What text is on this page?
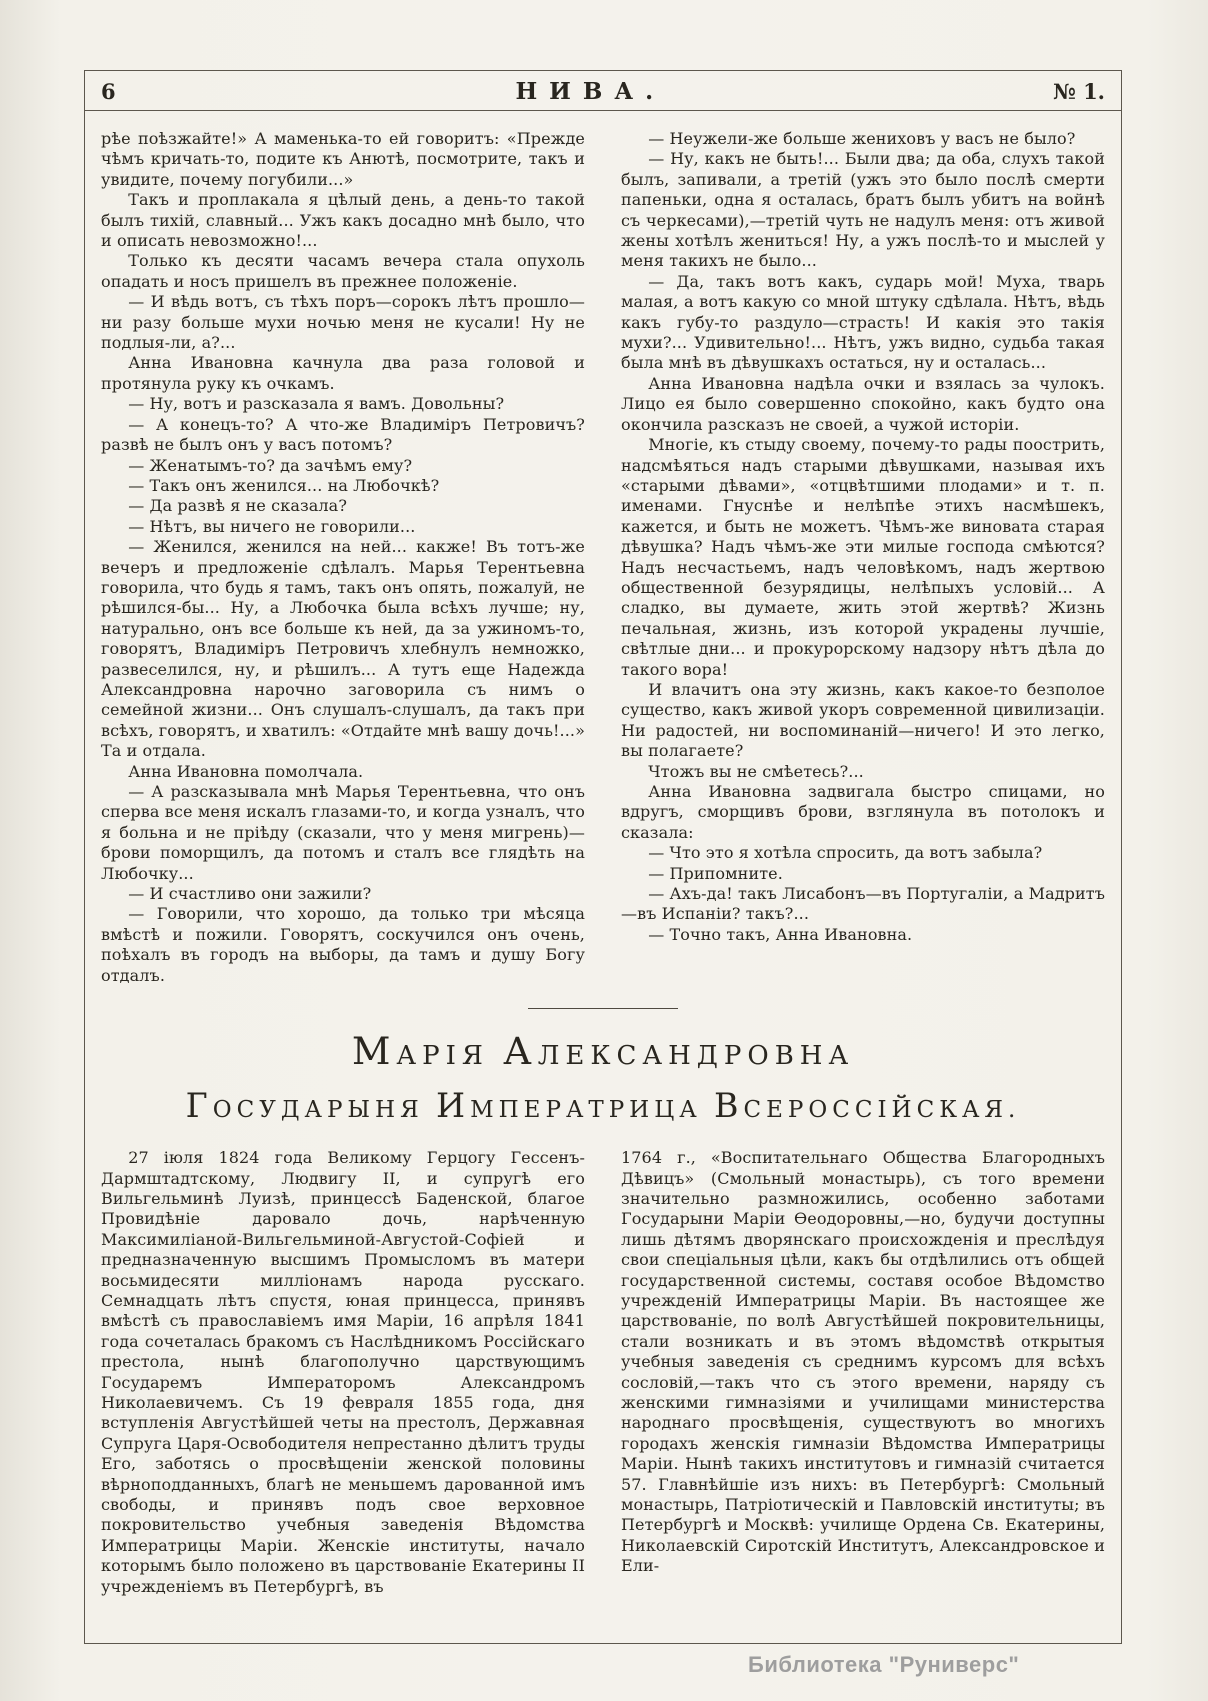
6	НИВА.	№ 1.

рѣе поѣзжайте!» А маменька-то ей говоритъ: «Прежде чѣмъ кричать-то, подите къ Анютѣ, посмотрите, такъ и увидите, почему погубили...»

Такъ и проплакала я цѣлый день, а день-то такой былъ тихій, славный... Ужъ какъ досадно мнѣ было, что и описать невозможно!...

Только къ десяти часамъ вечера стала опухоль опадать и носъ пришелъ въ прежнее положеніе.

— И вѣдь вотъ, съ тѣхъ поръ—сорокъ лѣтъ прошло—ни разу больше мухи ночью меня не кусали! Ну не подлыя-ли, а?...

Анна Ивановна качнула два раза головой и протянула руку къ очкамъ.

— Ну, вотъ и разсказала я вамъ. Довольны?

— А конецъ-то? А что-же Владиміръ Петровичъ? развѣ не былъ онъ у васъ потомъ?

— Женатымъ-то? да зачѣмъ ему?

— Такъ онъ женился... на Любочкѣ?

— Да развѣ я не сказала?

— Нѣтъ, вы ничего не говорили...

— Женился, женился на ней... какже! Въ тотъ-же вечеръ и предложеніе сдѣлалъ. Марья Терентьевна говорила, что будь я тамъ, такъ онъ опять, пожалуй, не рѣшился-бы... Ну, а Любочка была всѣхъ лучше; ну, натурально, онъ все больше къ ней, да за ужиномъ-то, говорятъ, Владиміръ Петровичъ хлебнулъ немножко, развеселился, ну, и рѣшилъ... А тутъ еще Надежда Александровна нарочно заговорила съ нимъ о семейной жизни... Онъ слушалъ-слушалъ, да такъ при всѣхъ, говорятъ, и хватилъ: «Отдайте мнѣ вашу дочь!...» Та и отдала.

Анна Ивановна помолчала.

— А разсказывала мнѣ Марья Терентьевна, что онъ сперва все меня искалъ глазами-то, и когда узналъ, что я больна и не пріѣду (сказали, что у меня мигрень)—брови поморщилъ, да потомъ и сталъ все глядѣть на Любочку...

— И счастливо они зажили?

— Говорили, что хорошо, да только три мѣсяца вмѣстѣ и пожили. Говорятъ, соскучился онъ очень, поѣхалъ въ городъ на выборы, да тамъ и душу Богу отдалъ.

— Неужели-же больше жениховъ у васъ не было?

— Ну, какъ не быть!... Были два; да оба, слухъ такой былъ, запивали, а третій (ужъ это было послѣ смерти папеньки, одна я осталась, братъ былъ убитъ на войнѣ съ черкесами),—третій чуть не надулъ меня: отъ живой жены хотѣлъ жениться! Ну, а ужъ послѣ-то и мыслей у меня такихъ не было...

— Да, такъ вотъ какъ, сударь мой! Муха, тварь малая, а вотъ какую со мной штуку сдѣлала. Нѣтъ, вѣдь какъ губу-то раздуло—страсть! И какія это такія мухи?... Удивительно!... Нѣтъ, ужъ видно, судьба такая была мнѣ въ дѣвушкахъ остаться, ну и осталась...

Анна Ивановна надѣла очки и взялась за чулокъ. Лицо ея было совершенно спокойно, какъ будто она окончила разсказъ не своей, а чужой исторіи.

Многіе, къ стыду своему, почему-то рады поострить, надсмѣяться надъ старыми дѣвушками, называя ихъ «старыми дѣвами», «отцвѣтшими плодами» и т. п. именами. Гнуснѣе и нелѣпѣе этихъ насмѣшекъ, кажется, и быть не можетъ. Чѣмъ-же виновата старая дѣвушка? Надъ чѣмъ-же эти милые господа смѣются? Надъ несчастьемъ, надъ человѣкомъ, надъ жертвою общественной безурядицы, нелѣпыхъ условій... А сладко, вы думаете, жить этой жертвѣ? Жизнь печальная, жизнь, изъ которой украдены лучшіе, свѣтлые дни... и прокурорскому надзору нѣтъ дѣла до такого вора!

И влачитъ она эту жизнь, какъ какое-то безполое существо, какъ живой укоръ современной цивилизаціи. Ни радостей, ни воспоминаній—ничего! И это легко, вы полагаете?

Чтожъ вы не смѣетесь?...

Анна Ивановна задвигала быстро спицами, но вдругъ, сморщивъ брови, взглянула въ потолокъ и сказала:

— Что это я хотѣла спросить, да вотъ забыла?

— Припомните.

— Ахъ-да! такъ Лисабонъ—въ Португаліи, а Мадритъ—въ Испаніи? такъ?...

— Точно такъ, Анна Ивановна.

МАРІЯ АЛЕКСАНДРОВНА
ГОСУДАРЫНЯ ИМПЕРАТРИЦА ВСЕРОССІЙСКАЯ.

27 іюля 1824 года Великому Герцогу Гессенъ-Дармштадтскому, Людвигу II, и супругѣ его Вильгельминѣ Луизѣ, принцессѣ Баденской, благое Провидѣніе даровало дочь, нарѣченную Максимиліаной-Вильгельминой-Августой-Софіей и предназначенную высшимъ Промысломъ въ матери восьмидесяти милліонамъ народа русскаго. Семнадцать лѣтъ спустя, юная принцесса, принявъ вмѣстѣ съ православіемъ имя Маріи, 16 апрѣля 1841 года сочеталась бракомъ съ Наслѣдникомъ Россійскаго престола, нынѣ благополучно царствующимъ Государемъ Императоромъ Александромъ Николаевичемъ. Съ 19 февраля 1855 года, дня вступленія Августѣйшей четы на престолъ, Державная Супруга Царя-Освободителя непрестанно дѣлитъ труды Его, заботясь о просвѣщеніи женской половины вѣрноподданныхъ, благѣ не меньшемъ дарованной имъ свободы, и принявъ подъ свое верховное покровительство учебныя заведенія Вѣдомства Императрицы Маріи. Женскіе институты, начало которымъ было положено въ царствованіе Екатерины II учрежденіемъ въ Петербургѣ, въ

1764 г., «Воспитательнаго Общества Благородныхъ Дѣвицъ» (Смольный монастырь), съ того времени значительно размножились, особенно заботами Государыни Маріи Ѳеодоровны,—но, будучи доступны лишь дѣтямъ дворянскаго происхожденія и преслѣдуя свои спеціальныя цѣли, какъ бы отдѣлились отъ общей государственной системы, составя особое Вѣдомство учрежденій Императрицы Маріи. Въ настоящее же царствованіе, по волѣ Августѣйшей покровительницы, стали возникать и въ этомъ вѣдомствѣ открытыя учебныя заведенія съ среднимъ курсомъ для всѣхъ сословій,—такъ что съ этого времени, наряду съ женскими гимназіями и училищами министерства народнаго просвѣщенія, существуютъ во многихъ городахъ женскія гимназіи Вѣдомства Императрицы Маріи. Нынѣ такихъ институтовъ и гимназій считается 57. Главнѣйшіе изъ нихъ: въ Петербургѣ: Смольный монастырь, Патріотическій и Павловскій институты; въ Петербургѣ и Москвѣ: училище Ордена Св. Екатерины, Николаевскій Сиротскій Институтъ, Александровское и Ели-

Библиотека "Руниверс"
